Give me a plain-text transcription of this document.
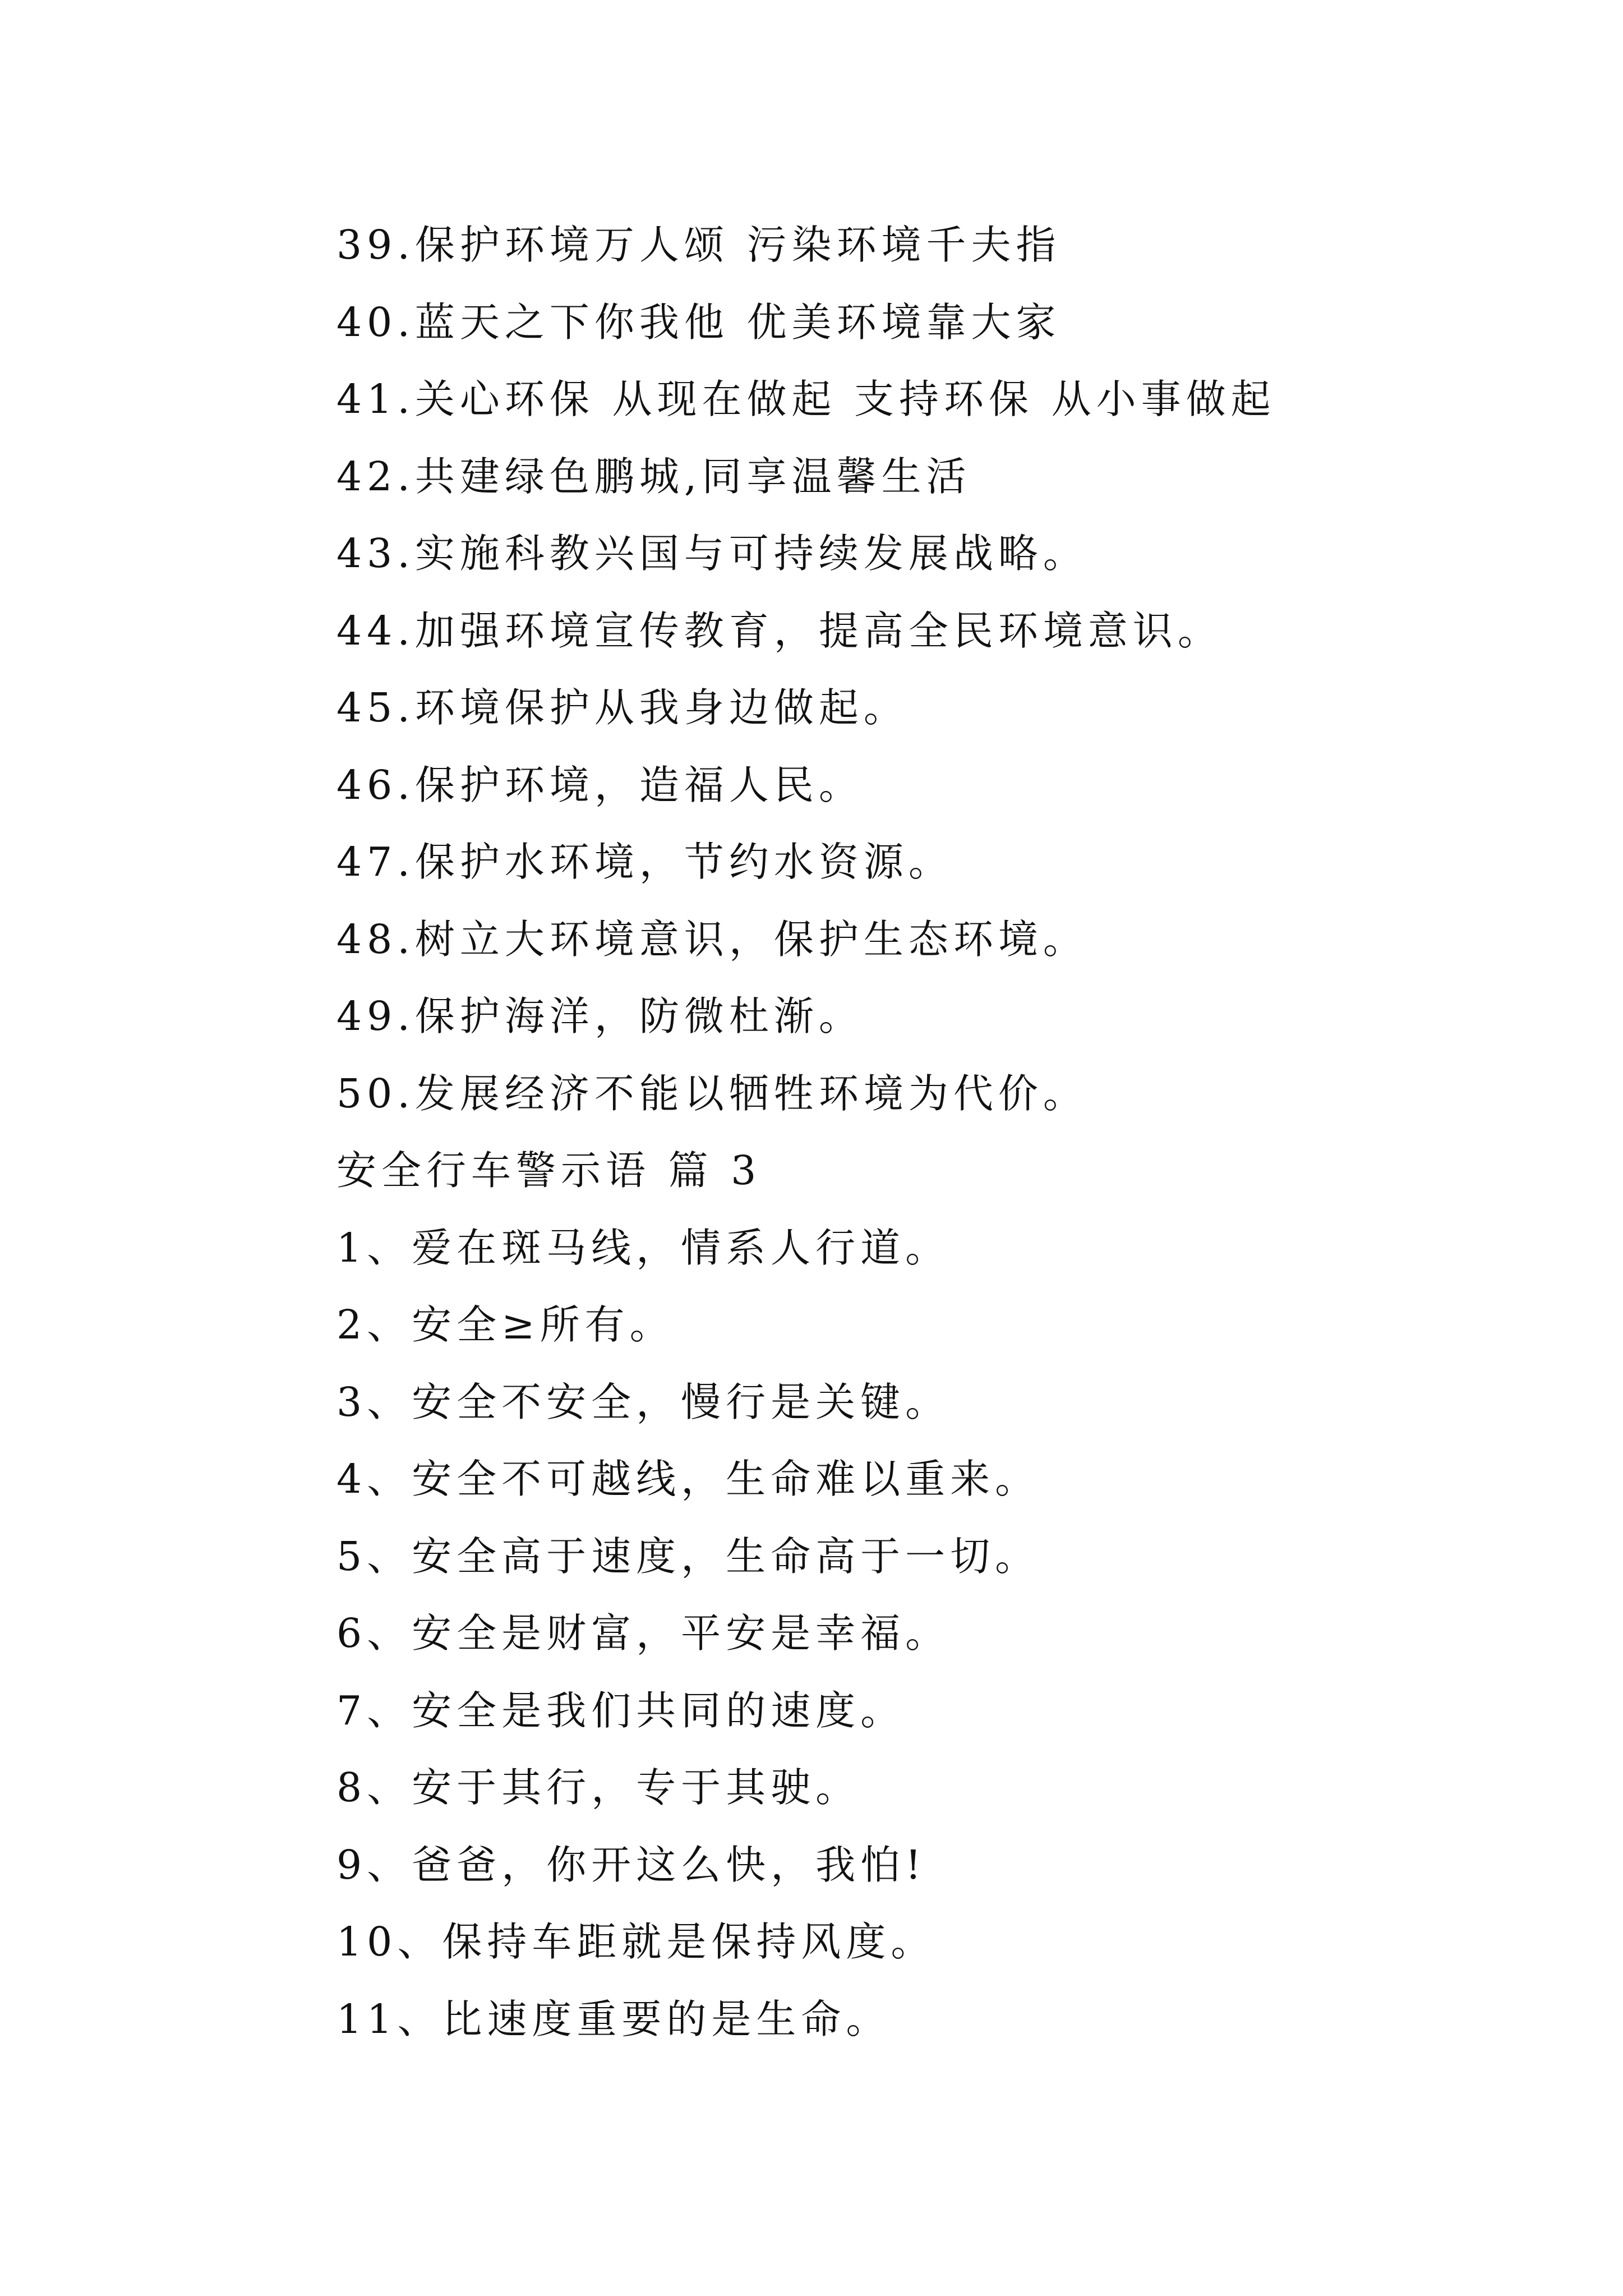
39.保护环境万人颂 污染环境千夫指
40.蓝天之下你我他 优美环境靠大家
41.关心环保 从现在做起 支持环保 从小事做起
42.共建绿色鹏城,同享温馨生活
43.实施科教兴国与可持续发展战略。
44.加强环境宣传教育，提高全民环境意识。
45.环境保护从我身边做起。
46.保护环境，造福人民。
47.保护水环境，节约水资源。
48.树立大环境意识，保护生态环境。
49.保护海洋，防微杜渐。
50.发展经济不能以牺牲环境为代价。
安全行车警示语 篇 3
1、爱在斑马线，情系人行道。
2、安全≥所有。
3、安全不安全，慢行是关键。
4、安全不可越线，生命难以重来。
5、安全高于速度，生命高于一切。
6、安全是财富，平安是幸福。
7、安全是我们共同的速度。
8、安于其行，专于其驶。
9、爸爸，你开这么快，我怕!
10、保持车距就是保持风度。
11、比速度重要的是生命。
